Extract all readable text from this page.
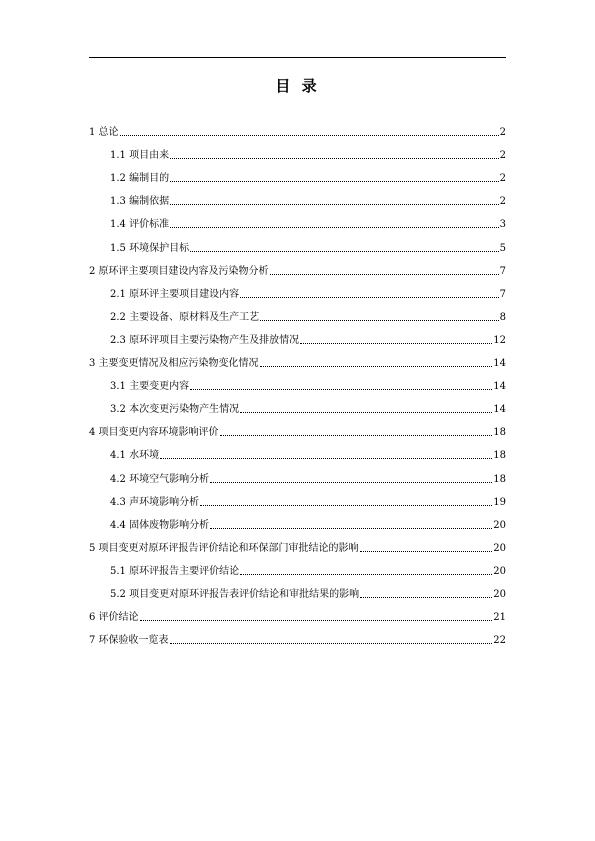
目 录
1 总论	2
1.1 项目由来	2
1.2 编制目的	2
1.3 编制依据	2
1.4 评价标准	3
1.5 环境保护目标	5
2 原环评主要项目建设内容及污染物分析	7
2.1 原环评主要项目建设内容	7
2.2 主要设备、原材料及生产工艺	8
2.3 原环评项目主要污染物产生及排放情况	12
3 主要变更情况及相应污染物变化情况	14
3.1 主要变更内容	14
3.2 本次变更污染物产生情况	14
4 项目变更内容环境影响评价	18
4.1 水环境	18
4.2 环境空气影响分析	18
4.3 声环境影响分析	19
4.4 固体废物影响分析	20
5 项目变更对原环评报告评价结论和环保部门审批结论的影响	20
5.1 原环评报告主要评价结论	20
5.2 项目变更对原环评报告表评价结论和审批结果的影响	20
6 评价结论	21
7 环保验收一览表	22
